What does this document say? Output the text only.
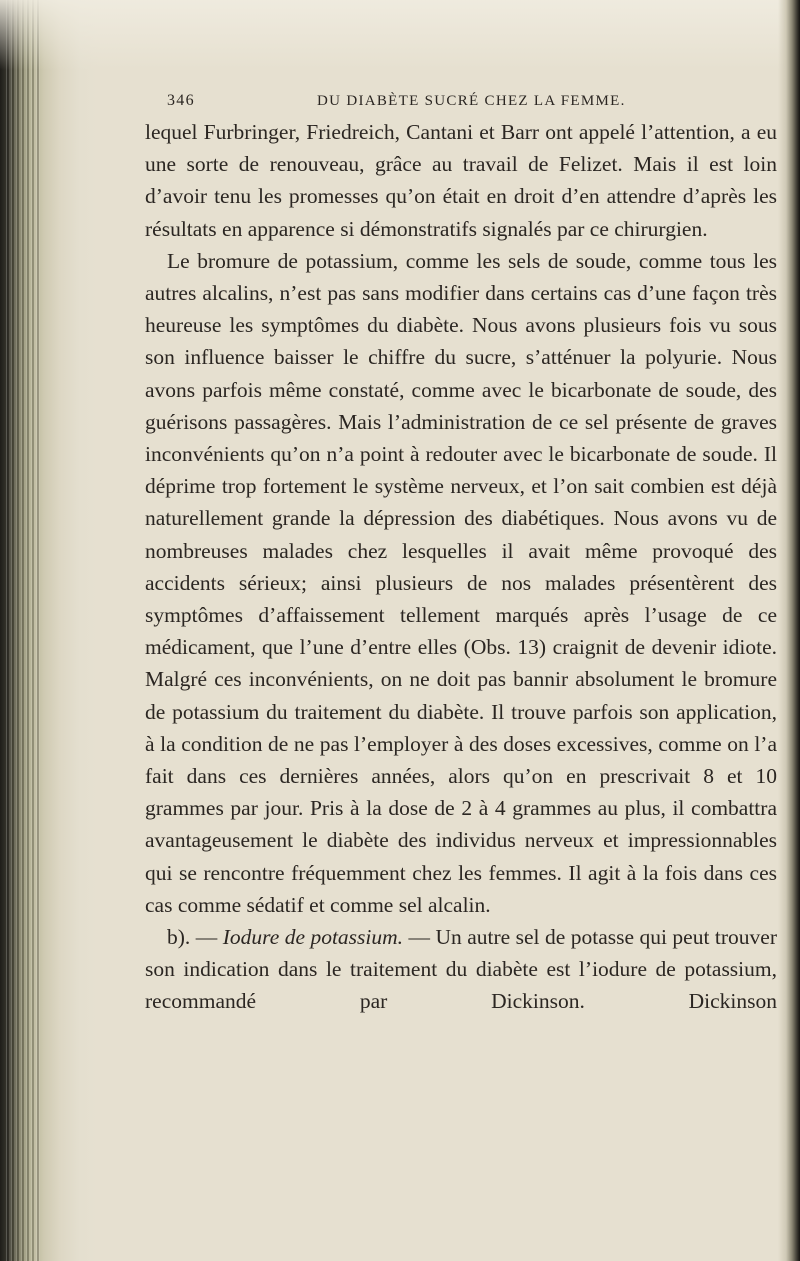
346	DU DIABÈTE SUCRÉ CHEZ LA FEMME.

lequel Furbringer, Friedreich, Cantani et Barr ont appelé l’attention, a eu une sorte de renouveau, grâce au travail de Felizet. Mais il est loin d’avoir tenu les promesses qu’on était en droit d’en attendre d’après les résultats en apparence si démonstratifs signalés par ce chirurgien.

Le bromure de potassium, comme les sels de soude, comme tous les autres alcalins, n’est pas sans modifier dans certains cas d’une façon très heureuse les symptômes du diabète. Nous avons plusieurs fois vu sous son influence baisser le chiffre du sucre, s’atténuer la polyurie. Nous avons parfois même constaté, comme avec le bicarbonate de soude, des guérisons passagères. Mais l’administration de ce sel présente de graves inconvénients qu’on n’a point à redouter avec le bicarbonate de soude. Il déprime trop fortement le système nerveux, et l’on sait combien est déjà naturellement grande la dépression des diabétiques. Nous avons vu de nombreuses malades chez lesquelles il avait même provoqué des accidents sérieux; ainsi plusieurs de nos malades présentèrent des symptômes d’affaissement tellement marqués après l’usage de ce médicament, que l’une d’entre elles (Obs. 13) craignit de devenir idiote. Malgré ces inconvénients, on ne doit pas bannir absolument le bromure de potassium du traitement du diabète. Il trouve parfois son application, à la condition de ne pas l’employer à des doses excessives, comme on l’a fait dans ces dernières années, alors qu’on en prescrivait 8 et 10 grammes par jour. Pris à la dose de 2 à 4 grammes au plus, il combattra avantageusement le diabète des individus nerveux et impressionnables qui se rencontre fréquemment chez les femmes. Il agit à la fois dans ces cas comme sédatif et comme sel alcalin.

b). — Iodure de potassium. — Un autre sel de potasse qui peut trouver son indication dans le traitement du diabète est l’iodure de potassium, recommandé par Dickinson. Dickinson
